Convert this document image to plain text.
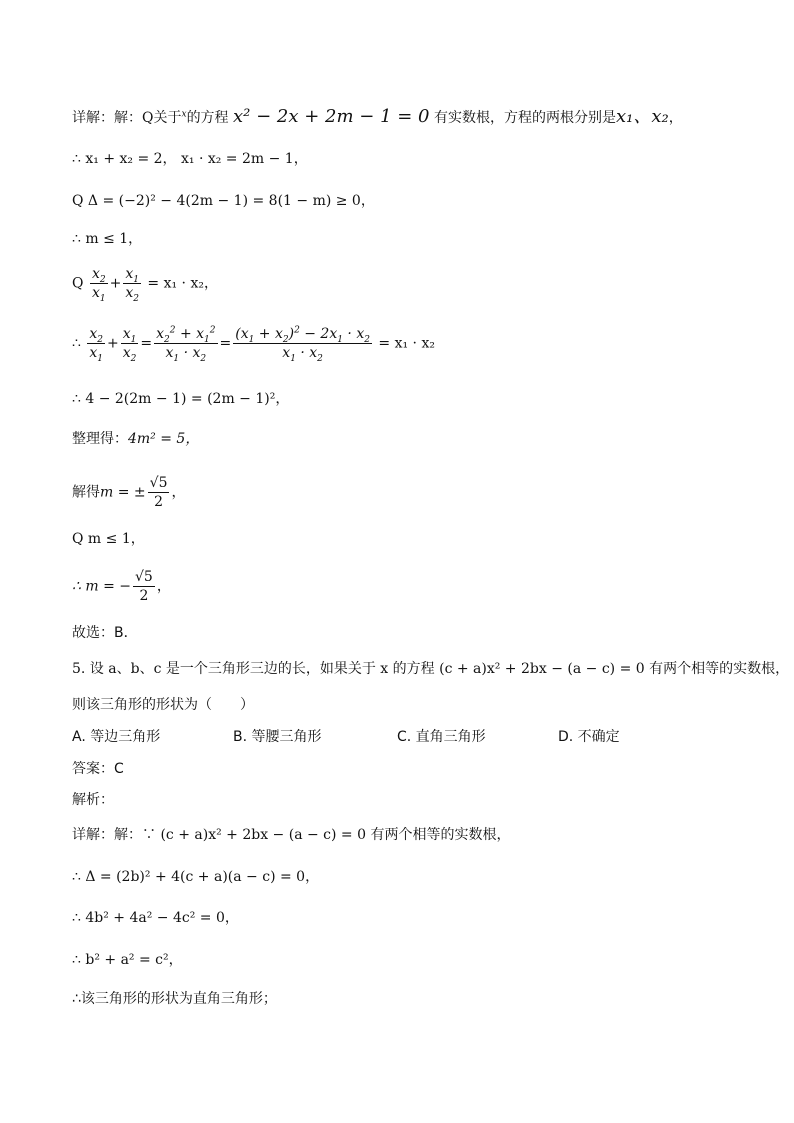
详解：解：Q关于$^x$的方程 x² − 2x + 2m − 1 = 0 有实数根，方程的两根分别是x₁、x₂，
∴ x₁ + x₂ = 2， x₁ · x₂ = 2m − 1，
Q Δ = (−2)² − 4(2m − 1) = 8(1 − m) ≥ 0，
∴ m ≤ 1，
Q $\frac{x_2}{x_1} + \frac{x_1}{x_2} = x_1 \cdot x_2$，
∴ $\frac{x_2}{x_1} + \frac{x_1}{x_2} = \frac{x_2^2 + x_1^2}{x_1 \cdot x_2} = \frac{(x_1 + x_2)^2 - 2x_1 \cdot x_2}{x_1 \cdot x_2} = x_1 \cdot x_2$
∴ 4 − 2(2m − 1) = (2m − 1)²，
整理得：4m² = 5，
解得m = ± $\frac{√5}{2}$ ，
Q m ≤ 1，
∴ m = − $\frac{√5}{2}$ ，
故选：B．
5. 设 a、b、c 是一个三角形三边的长，如果关于 x 的方程 (c + a)x² + 2bx − (a − c) = 0 有两个相等的实数根，
则该三角形的形状为（　　）
A. 等边三角形	B. 等腰三角形	C. 直角三角形	D. 不确定
答案：C
解析：
详解：解：∵ (c + a)x² + 2bx − (a − c) = 0 有两个相等的实数根，
∴ Δ = (2b)² + 4(c + a)(a − c) = 0，
∴ 4b² + 4a² − 4c² = 0，
∴ b² + a² = c²，
∴该三角形的形状为直角三角形；
